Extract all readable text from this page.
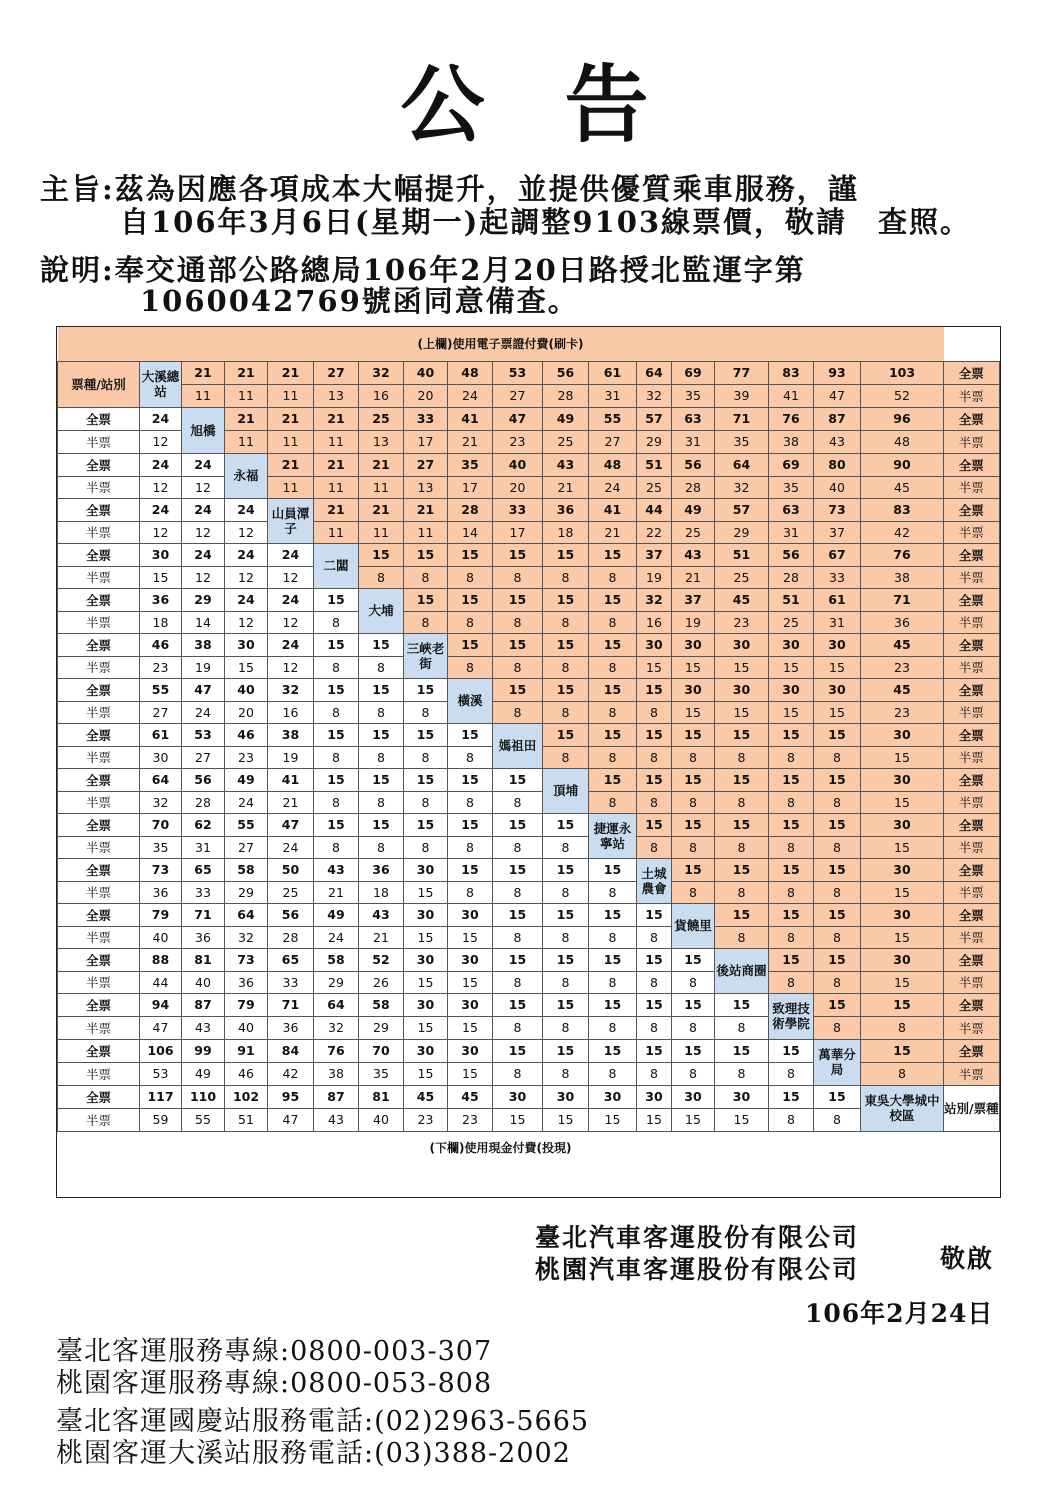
公告
主旨:茲為因應各項成本大幅提升，並提供優質乘車服務，謹
自106年3月6日(星期一)起調整9103線票價，敬請　查照。
說明:奉交通部公路總局106年2月20日路授北監運字第
1060042769號函同意備查。
(上欄)使用電子票證付費(刷卡)																		
票種/站別	大溪總站	21	21	21	27	32	40	48	53	56	61	64	69	77	83	93	103	全票
		11	11	11	13	16	20	24	27	28	31	32	35	39	41	47	52	半票
全票	24	旭橋	21	21	21	25	33	41	47	49	55	57	63	71	76	87	96	全票
半票	12		11	11	11	13	17	21	23	25	27	29	31	35	38	43	48	半票
全票	24	24	永福	21	21	21	27	35	40	43	48	51	56	64	69	80	90	全票
半票	12	12		11	11	11	13	17	20	21	24	25	28	32	35	40	45	半票
全票	24	24	24	山員潭子	21	21	21	28	33	36	41	44	49	57	63	73	83	全票
半票	12	12	12		11	11	11	14	17	18	21	22	25	29	31	37	42	半票
全票	30	24	24	24	二闆	15	15	15	15	15	15	37	43	51	56	67	76	全票
半票	15	12	12	12		8	8	8	8	8	8	19	21	25	28	33	38	半票
全票	36	29	24	24	15	大埔	15	15	15	15	15	32	37	45	51	61	71	全票
半票	18	14	12	12	8		8	8	8	8	8	16	19	23	25	31	36	半票
全票	46	38	30	24	15	15	三峽老街	15	15	15	15	30	30	30	30	30	45	全票
半票	23	19	15	12	8	8		8	8	8	8	15	15	15	15	15	23	半票
全票	55	47	40	32	15	15	15	橫溪	15	15	15	15	30	30	30	30	45	全票
半票	27	24	20	16	8	8	8		8	8	8	8	15	15	15	15	23	半票
全票	61	53	46	38	15	15	15	15	媽祖田	15	15	15	15	15	15	15	30	全票
半票	30	27	23	19	8	8	8	8		8	8	8	8	8	8	8	15	半票
全票	64	56	49	41	15	15	15	15	15	頂埔	15	15	15	15	15	15	30	全票
半票	32	28	24	21	8	8	8	8	8		8	8	8	8	8	8	15	半票
全票	70	62	55	47	15	15	15	15	15	15	捷運永寧站	15	15	15	15	15	30	全票
半票	35	31	27	24	8	8	8	8	8	8		8	8	8	8	8	15	半票
全票	73	65	58	50	43	36	30	15	15	15	15	土城農會	15	15	15	15	30	全票
半票	36	33	29	25	21	18	15	8	8	8	8		8	8	8	8	15	半票
全票	79	71	64	56	49	43	30	30	15	15	15	15	貨饒里	15	15	15	30	全票
半票	40	36	32	28	24	21	15	15	8	8	8	8		8	8	8	15	半票
全票	88	81	73	65	58	52	30	30	15	15	15	15	15	後站商圈	15	15	30	全票
半票	44	40	36	33	29	26	15	15	8	8	8	8	8		8	8	15	半票
全票	94	87	79	71	64	58	30	30	15	15	15	15	15	15	致理技術學院	15	15	全票
半票	47	43	40	36	32	29	15	15	8	8	8	8	8	8		8	8	半票
全票	106	99	91	84	76	70	30	30	15	15	15	15	15	15	15	萬華分局	15	全票
半票	53	49	46	42	38	35	15	15	8	8	8	8	8	8	8		8	半票
全票	117	110	102	95	87	81	45	45	30	30	30	30	30	30	15	15	東吳大學城中校區	站別/票種
半票	59	55	51	47	43	40	23	23	15	15	15	15	15	15	8	8		
(下欄)使用現金付費(投現)																		
臺北汽車客運股份有限公司
桃園汽車客運股份有限公司	敬啟
106年2月24日
臺北客運服務專線:0800-003-307
桃園客運服務專線:0800-053-808
臺北客運國慶站服務電話:(02)2963-5665
桃園客運大溪站服務電話:(03)388-2002
